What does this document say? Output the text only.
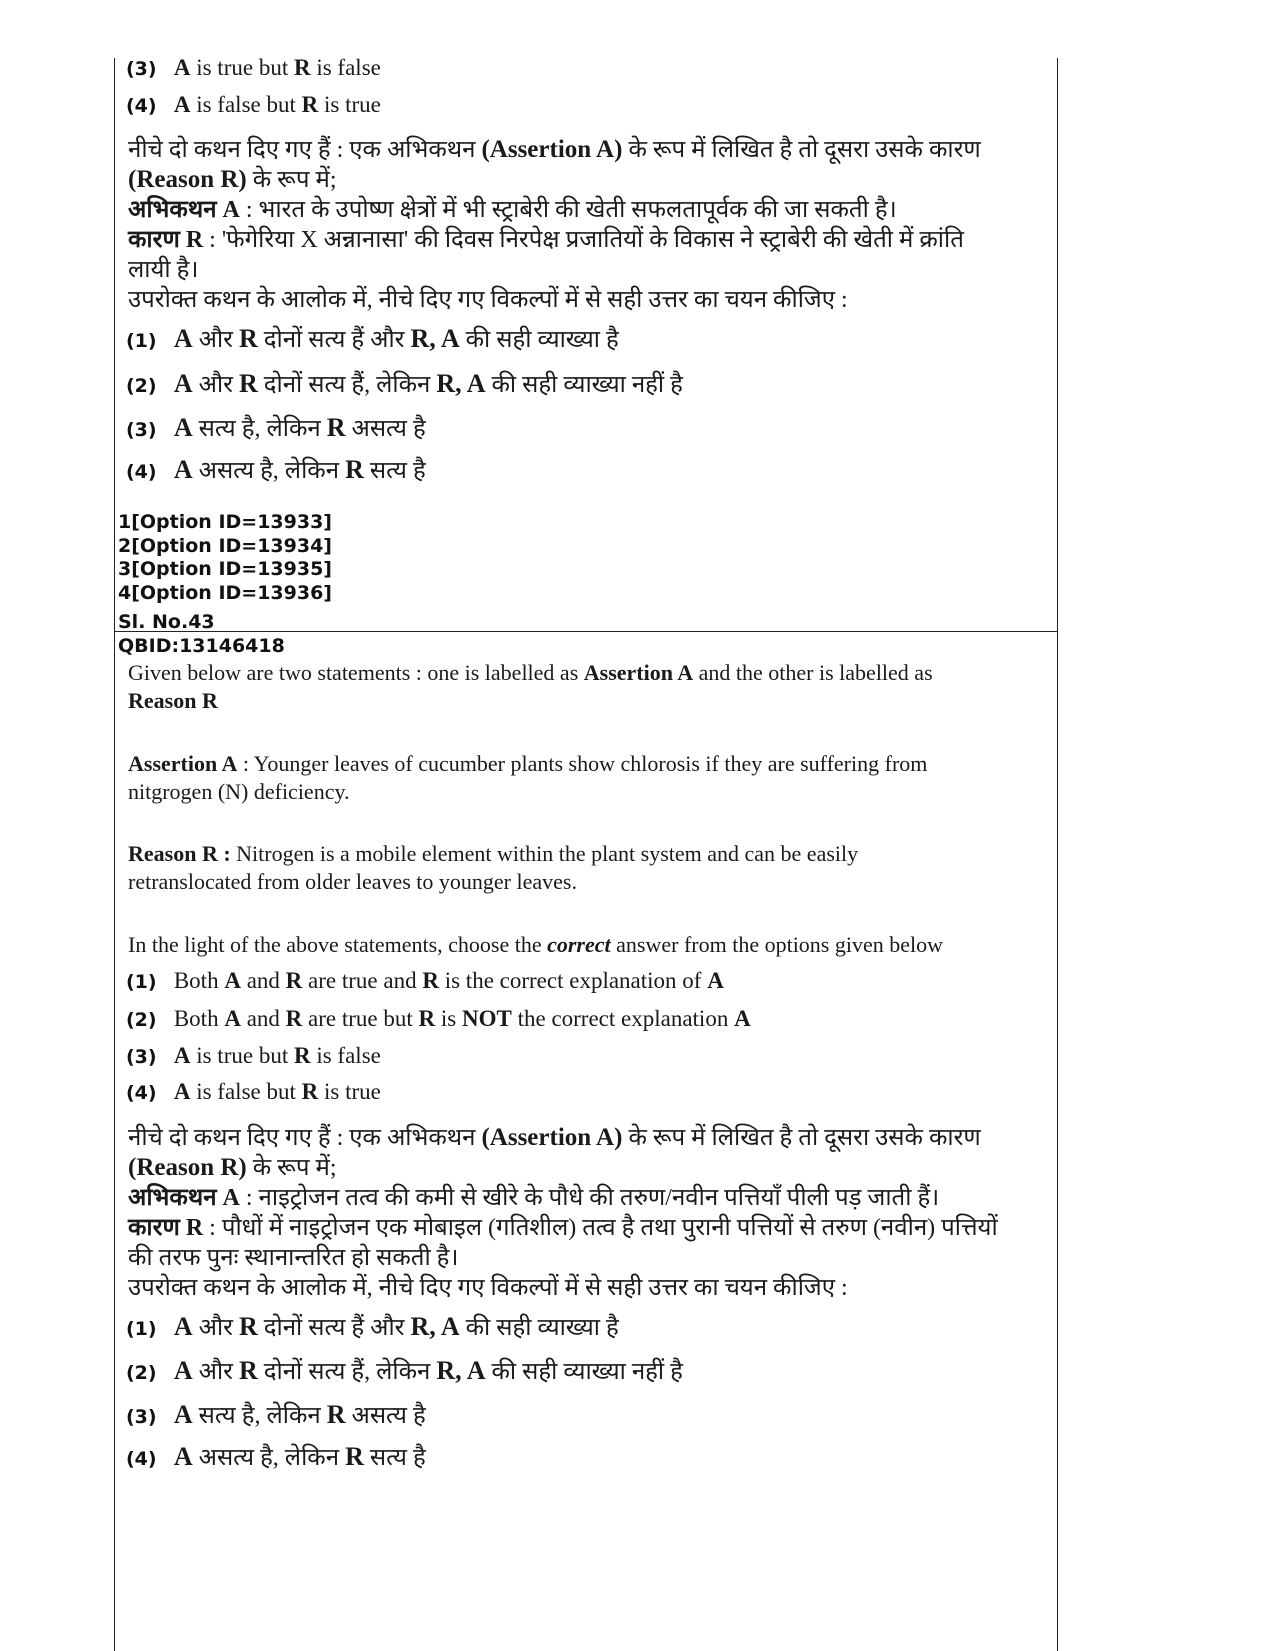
(3) A is true but R is false
(4) A is false but R is true
नीचे दो कथन दिए गए हैं : एक अभिकथन (Assertion A) के रूप में लिखित है तो दूसरा उसके कारण
(Reason R) के रूप में;
अभिकथन A : भारत के उपोष्ण क्षेत्रों में भी स्ट्राबेरी की खेती सफलतापूर्वक की जा सकती है।
कारण R : 'फेगेरिया X अन्नानासा' की दिवस निरपेक्ष प्रजातियों के विकास ने स्ट्राबेरी की खेती में क्रांति
लायी है।
उपरोक्त कथन के आलोक में, नीचे दिए गए विकल्पों में से सही उत्तर का चयन कीजिए :
(1) A और R दोनों सत्य हैं और R, A की सही व्याख्या है
(2) A और R दोनों सत्य हैं, लेकिन R, A की सही व्याख्या नहीं है
(3) A सत्य है, लेकिन R असत्य है
(4) A असत्य है, लेकिन R सत्य है
1[Option ID=13933]
2[Option ID=13934]
3[Option ID=13935]
4[Option ID=13936]
Sl. No.43
QBID:13146418
Given below are two statements : one is labelled as Assertion A and the other is labelled as
Reason R
Assertion A : Younger leaves of cucumber plants show chlorosis if they are suffering from
nitgrogen (N) deficiency.
Reason R : Nitrogen is a mobile element within the plant system and can be easily
retranslocated from older leaves to younger leaves.
In the light of the above statements, choose the correct answer from the options given below
(1) Both A and R are true and R is the correct explanation of A
(2) Both A and R are true but R is NOT the correct explanation A
(3) A is true but R is false
(4) A is false but R is true
नीचे दो कथन दिए गए हैं : एक अभिकथन (Assertion A) के रूप में लिखित है तो दूसरा उसके कारण
(Reason R) के रूप में;
अभिकथन A : नाइट्रोजन तत्व की कमी से खीरे के पौधे की तरुण/नवीन पत्तियाँ पीली पड़ जाती हैं।
कारण R : पौधों में नाइट्रोजन एक मोबाइल (गतिशील) तत्व है तथा पुरानी पत्तियों से तरुण (नवीन) पत्तियों
की तरफ पुनः स्थानान्तरित हो सकती है।
उपरोक्त कथन के आलोक में, नीचे दिए गए विकल्पों में से सही उत्तर का चयन कीजिए :
(1) A और R दोनों सत्य हैं और R, A की सही व्याख्या है
(2) A और R दोनों सत्य हैं, लेकिन R, A की सही व्याख्या नहीं है
(3) A सत्य है, लेकिन R असत्य है
(4) A असत्य है, लेकिन R सत्य है
